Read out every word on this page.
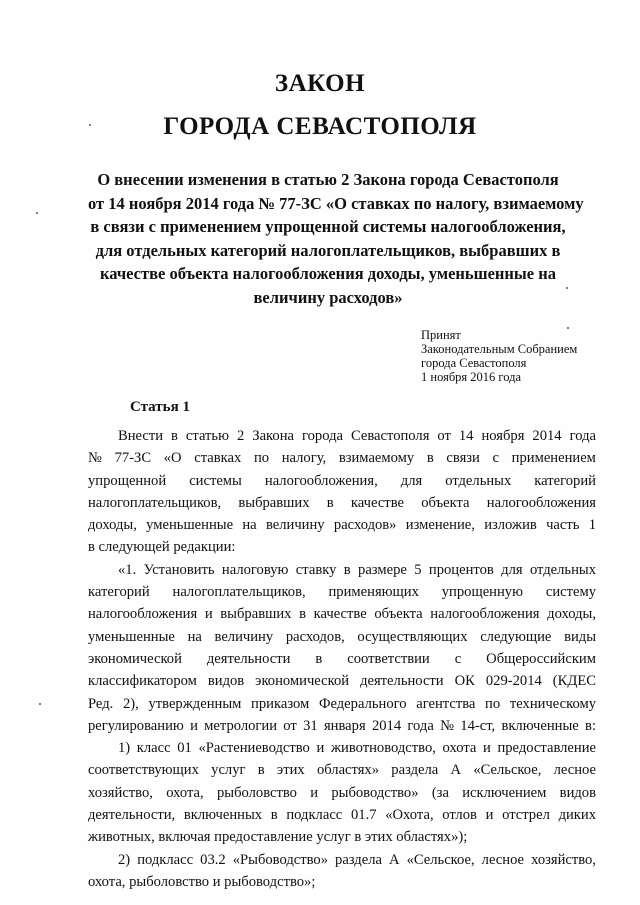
ЗАКОН
ГОРОДА СЕВАСТОПОЛЯ
О внесении изменения в статью 2 Закона города Севастополя
от 14 ноября 2014 года № 77-ЗС «О ставках по налогу, взимаемому
в связи с применением упрощенной системы налогообложения,
для отдельных категорий налогоплательщиков, выбравших в
качестве объекта налогообложения доходы, уменьшенные на
величину расходов»
Принят
Законодательным Собранием
города Севастополя
1 ноября 2016 года
Статья 1
Внести в статью 2 Закона города Севастополя от 14 ноября 2014 года
№ 77-ЗС «О ставках по налогу, взимаемому в связи с применением
упрощенной системы налогообложения, для отдельных категорий
налогоплательщиков, выбравших в качестве объекта налогообложения
доходы, уменьшенные на величину расходов» изменение, изложив часть 1
в следующей редакции:
«1. Установить налоговую ставку в размере 5 процентов для отдельных
категорий налогоплательщиков, применяющих упрощенную систему
налогообложения и выбравших в качестве объекта налогообложения доходы,
уменьшенные на величину расходов, осуществляющих следующие виды
экономической деятельности в соответствии с Общероссийским
классификатором видов экономической деятельности ОК 029-2014 (КДЕС
Ред. 2), утвержденным приказом Федерального агентства по техническому
регулированию и метрологии от 31 января 2014 года № 14-ст, включенные в:
1) класс 01 «Растениеводство и животноводство, охота и предоставление
соответствующих услуг в этих областях» раздела А «Сельское, лесное
хозяйство, охота, рыболовство и рыбоводство» (за исключением видов
деятельности, включенных в подкласс 01.7 «Охота, отлов и отстрел диких
животных, включая предоставление услуг в этих областях»);
2) подкласс 03.2 «Рыбоводство» раздела А «Сельское, лесное хозяйство,
охота, рыболовство и рыбоводство»;
